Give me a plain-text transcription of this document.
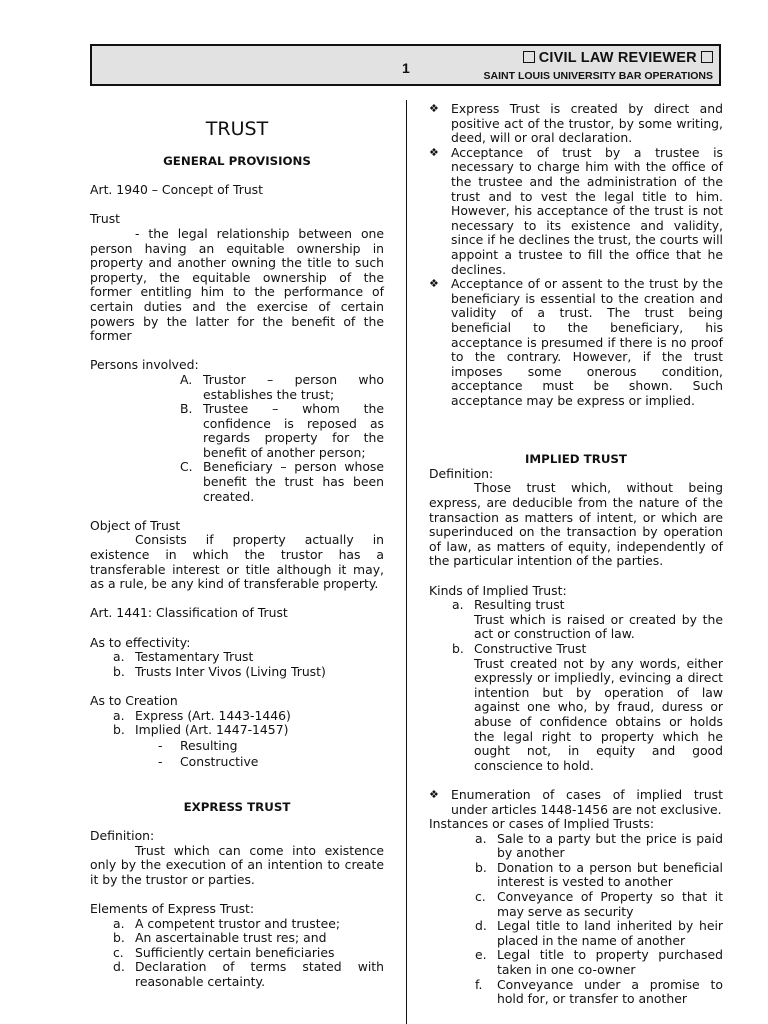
1
CIVIL LAW REVIEWER
SAINT LOUIS UNIVERSITY BAR OPERATIONS
TRUST
GENERAL PROVISIONS

Art. 1940 – Concept of Trust

Trust

- the legal relationship between one person having an equitable ownership in property and another owning the title to such property, the equitable ownership of the former entitling him to the performance of certain duties and the exercise of certain powers by the latter for the benefit of the former

Persons involved:

A. Trustor – person who establishes the trust;
B. Trustee – whom the confidence is reposed as regards property for the benefit of another person;
C. Beneficiary – person whose benefit the trust has been created.

Object of Trust

Consists if property actually in existence in which the trustor has a transferable interest or title although it may, as a rule, be any kind of transferable property.

Art. 1441: Classification of Trust

As to effectivity:

a. Testamentary Trust
b. Trusts Inter Vivos (Living Trust)

As to Creation

a. Express (Art. 1443-1446)
b. Implied (Art. 1447-1457)
- Resulting
- Constructive
EXPRESS TRUST

Definition:

Trust which can come into existence only by the execution of an intention to create it by the trustor or parties.

Elements of Express Trust:

a. A competent trustor and trustee;
b. An ascertainable trust res; and
c. Sufficiently certain beneficiaries
d. Declaration of terms stated with reasonable certainty.
❖ Express Trust is created by direct and positive act of the trustor, by some writing, deed, will or oral declaration.
❖ Acceptance of trust by a trustee is necessary to charge him with the office of the trustee and the administration of the trust and to vest the legal title to him. However, his acceptance of the trust is not necessary to its existence and validity, since if he declines the trust, the courts will appoint a trustee to fill the office that he declines.
❖ Acceptance of or assent to the trust by the beneficiary is essential to the creation and validity of a trust. The trust being beneficial to the beneficiary, his acceptance is presumed if there is no proof to the contrary. However, if the trust imposes some onerous condition, acceptance must be shown. Such acceptance may be express or implied.
IMPLIED TRUST

Definition:

Those trust which, without being express, are deducible from the nature of the transaction as matters of intent, or which are superinduced on the transaction by operation of law, as matters of equity, independently of the particular intention of the parties.

Kinds of Implied Trust:

a. Resulting trust
Trust which is raised or created by the act or construction of law.
b. Constructive Trust
Trust created not by any words, either expressly or impliedly, evincing a direct intention but by operation of law against one who, by fraud, duress or abuse of confidence obtains or holds the legal right to property which he ought not, in equity and good conscience to hold.
❖ Enumeration of cases of implied trust under articles 1448-1456 are not exclusive.

Instances or cases of Implied Trusts:

a. Sale to a party but the price is paid by another
b. Donation to a person but beneficial interest is vested to another
c. Conveyance of Property so that it may serve as security
d. Legal title to land inherited by heir placed in the name of another
e. Legal title to property purchased taken in one co-owner
f. Conveyance under a promise to hold for, or transfer to another
